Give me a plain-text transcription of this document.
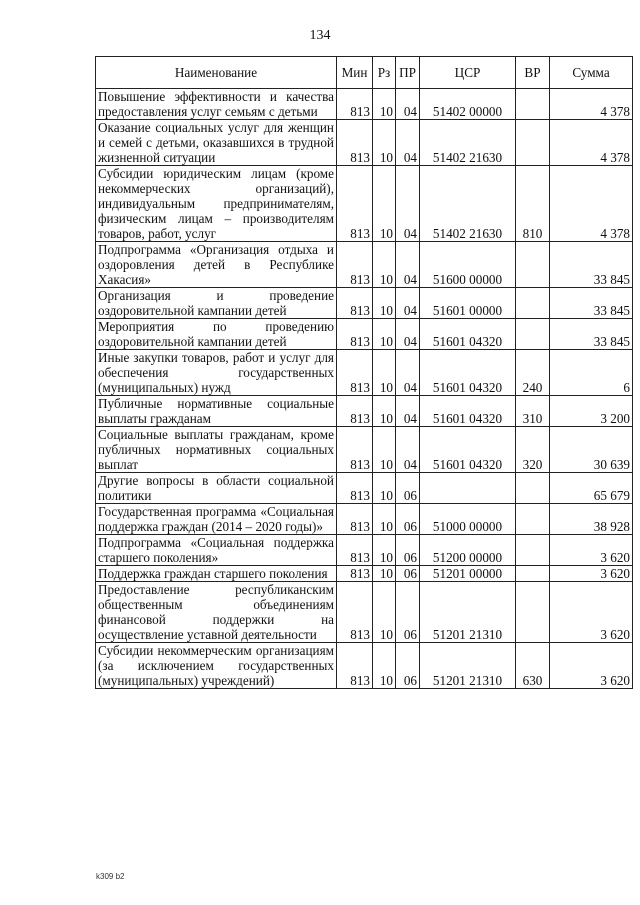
134
Наименование	Мин	Рз	ПР	ЦСР	ВР	Сумма
Повышение эффективности и качества предоставления услуг семьям с детьми	813	10	04	51402 00000		4 378
Оказание социальных услуг для женщин и семей с детьми, оказавшихся в трудной жизненной ситуации	813	10	04	51402 21630		4 378
Субсидии юридическим лицам (кроме некоммерческих организаций), индивидуальным предпринимателям, физическим лицам – производителям товаров, работ, услуг	813	10	04	51402 21630	810	4 378
Подпрограмма «Организация отдыха и оздоровления детей в Республике Хакасия»	813	10	04	51600 00000		33 845
Организация и проведение оздоровительной кампании детей	813	10	04	51601 00000		33 845
Мероприятия по проведению оздоровительной кампании детей	813	10	04	51601 04320		33 845
Иные закупки товаров, работ и услуг для обеспечения государственных (муниципальных) нужд	813	10	04	51601 04320	240	6
Публичные нормативные социальные выплаты гражданам	813	10	04	51601 04320	310	3 200
Социальные выплаты гражданам, кроме публичных нормативных социальных выплат	813	10	04	51601 04320	320	30 639
Другие вопросы в области социальной политики	813	10	06			65 679
Государственная программа «Социальная поддержка граждан (2014 – 2020 годы)»	813	10	06	51000 00000		38 928
Подпрограмма «Социальная поддержка старшего поколения»	813	10	06	51200 00000		3 620
Поддержка граждан старшего поколения	813	10	06	51201 00000		3 620
Предоставление республиканским общественным объединениям финансовой поддержки на осуществление уставной деятельности	813	10	06	51201 21310		3 620
Субсидии некоммерческим организациям (за исключением государственных (муниципальных) учреждений)	813	10	06	51201 21310	630	3 620
k309 b2
